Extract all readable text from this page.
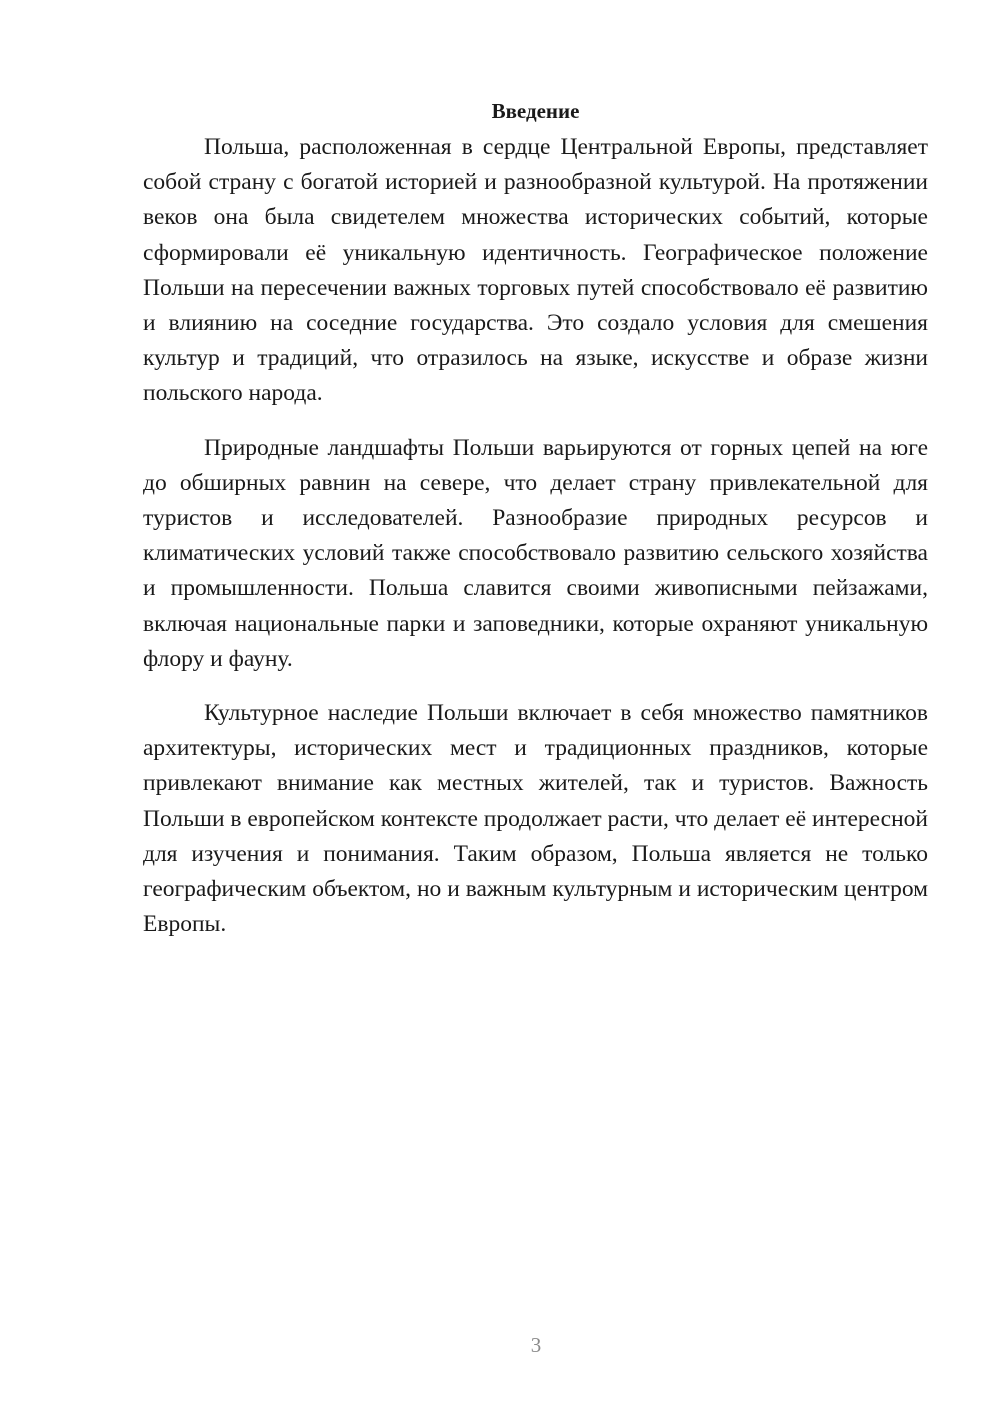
Введение

Польша, расположенная в сердце Центральной Европы, представляет собой страну с богатой историей и разнообразной культурой. На протяжении веков она была свидетелем множества исторических событий, которые сформировали её уникальную идентичность. Географическое положение Польши на пересечении важных торговых путей способствовало её развитию и влиянию на соседние государства. Это создало условия для смешения культур и традиций, что отразилось на языке, искусстве и образе жизни польского народа.

Природные ландшафты Польши варьируются от горных цепей на юге до обширных равнин на севере, что делает страну привлекательной для туристов и исследователей. Разнообразие природных ресурсов и климатических условий также способствовало развитию сельского хозяйства и промышленности. Польша славится своими живописными пейзажами, включая национальные парки и заповедники, которые охраняют уникальную флору и фауну.

Культурное наследие Польши включает в себя множество памятников архитектуры, исторических мест и традиционных праздников, которые привлекают внимание как местных жителей, так и туристов. Важность Польши в европейском контексте продолжает расти, что делает её интересной для изучения и понимания. Таким образом, Польша является не только географическим объектом, но и важным культурным и историческим центром Европы.

3
